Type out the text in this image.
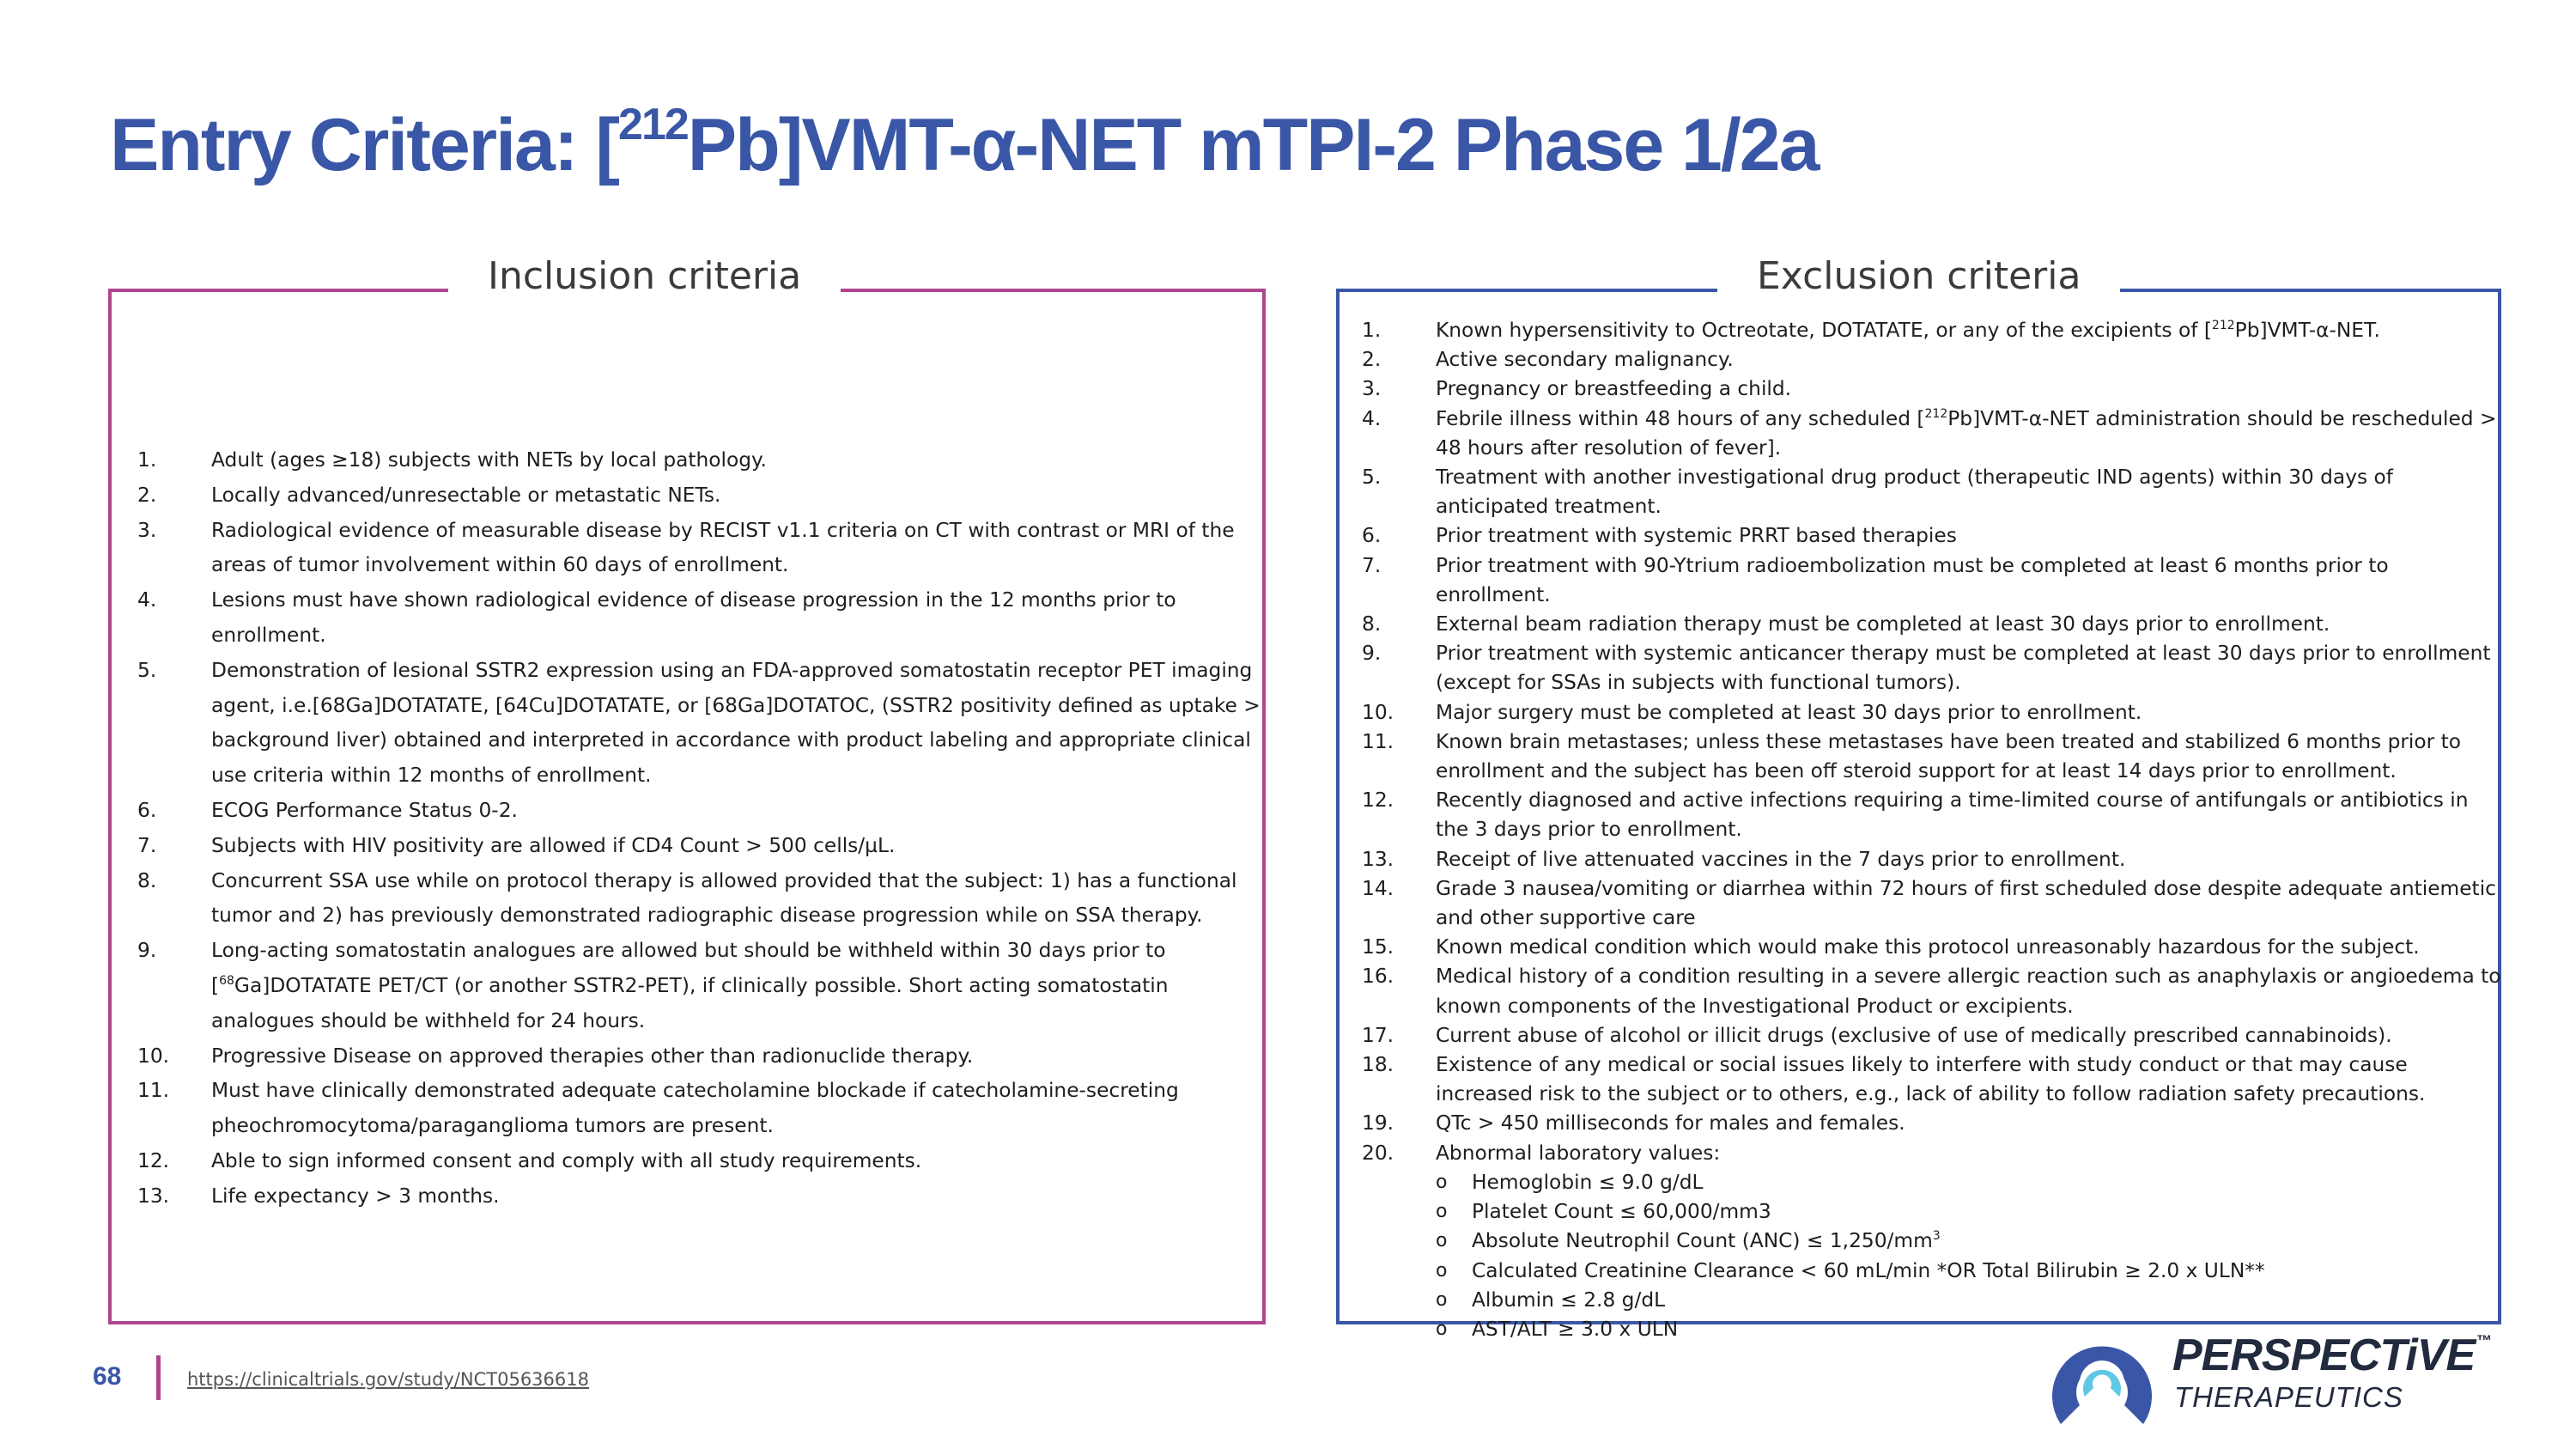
Entry Criteria: [$^{212}$Pb]VMT-α-NET mTPI-2 Phase 1/2a
Inclusion criteria
1.	Adult (ages ≥18) subjects with NETs by local pathology.
2.	Locally advanced/unresectable or metastatic NETs.
3.	Radiological evidence of measurable disease by RECIST v1.1 criteria on CT with contrast or MRI of the areas of tumor involvement within 60 days of enrollment.
4.	Lesions must have shown radiological evidence of disease progression in the 12 months prior to enrollment.
5.	Demonstration of lesional SSTR2 expression using an FDA-approved somatostatin receptor PET imaging agent, i.e.[68Ga]DOTATATE, [64Cu]DOTATATE, or [68Ga]DOTATOC, (SSTR2 positivity defined as uptake > background liver) obtained and interpreted in accordance with product labeling and appropriate clinical use criteria within 12 months of enrollment.
6.	ECOG Performance Status 0-2.
7.	Subjects with HIV positivity are allowed if CD4 Count > 500 cells/µL.
8.	Concurrent SSA use while on protocol therapy is allowed provided that the subject: 1) has a functional tumor and 2) has previously demonstrated radiographic disease progression while on SSA therapy.
9.	Long-acting somatostatin analogues are allowed but should be withheld within 30 days prior to [$^{68}$Ga]DOTATATE PET/CT (or another SSTR2-PET), if clinically possible. Short acting somatostatin analogues should be withheld for 24 hours.
10. Progressive Disease on approved therapies other than radionuclide therapy.
11. Must have clinically demonstrated adequate catecholamine blockade if catecholamine-secreting pheochromocytoma/paraganglioma tumors are present.
12. Able to sign informed consent and comply with all study requirements.
13. Life expectancy > 3 months.
Exclusion criteria
1.	Known hypersensitivity to Octreotate, DOTATATE, or any of the excipients of [$^{212}$Pb]VMT-α-NET.
2.	Active secondary malignancy.
3.	Pregnancy or breastfeeding a child.
4.	Febrile illness within 48 hours of any scheduled [$^{212}$Pb]VMT-α-NET administration should be rescheduled > 48 hours after resolution of fever].
5.	Treatment with another investigational drug product (therapeutic IND agents) within 30 days of anticipated treatment.
6.	Prior treatment with systemic PRRT based therapies
7.	Prior treatment with 90-Ytrium radioembolization must be completed at least 6 months prior to enrollment.
8.	External beam radiation therapy must be completed at least 30 days prior to enrollment.
9.	Prior treatment with systemic anticancer therapy must be completed at least 30 days prior to enrollment (except for SSAs in subjects with functional tumors).
10. Major surgery must be completed at least 30 days prior to enrollment.
11. Known brain metastases; unless these metastases have been treated and stabilized 6 months prior to enrollment and the subject has been off steroid support for at least 14 days prior to enrollment.
12. Recently diagnosed and active infections requiring a time-limited course of antifungals or antibiotics in the 3 days prior to enrollment.
13. Receipt of live attenuated vaccines in the 7 days prior to enrollment.
14. Grade 3 nausea/vomiting or diarrhea within 72 hours of first scheduled dose despite adequate antiemetic and other supportive care
15. Known medical condition which would make this protocol unreasonably hazardous for the subject.
16. Medical history of a condition resulting in a severe allergic reaction such as anaphylaxis or angioedema to known components of the Investigational Product or excipients.
17. Current abuse of alcohol or illicit drugs (exclusive of use of medically prescribed cannabinoids).
18. Existence of any medical or social issues likely to interfere with study conduct or that may cause increased risk to the subject or to others, e.g., lack of ability to follow radiation safety precautions.
19. QTc > 450 milliseconds for males and females.
20. Abnormal laboratory values:
o Hemoglobin ≤ 9.0 g/dL
o Platelet Count ≤ 60,000/mm3
o Absolute Neutrophil Count $(ANC) \le 1,250/mm^3$
o Calculated Creatinine Clearance < 60 mL/min *OR Total Bilirubin ≥ 2.0 x ULN**
o Albumin ≤ 2.8 g/dL
o AST/ALT ≥ 3.0 x ULN
68	https://clinicaltrials.gov/study/NCT05636618	PERSPECTiVE ™
THERAPEUTICS
